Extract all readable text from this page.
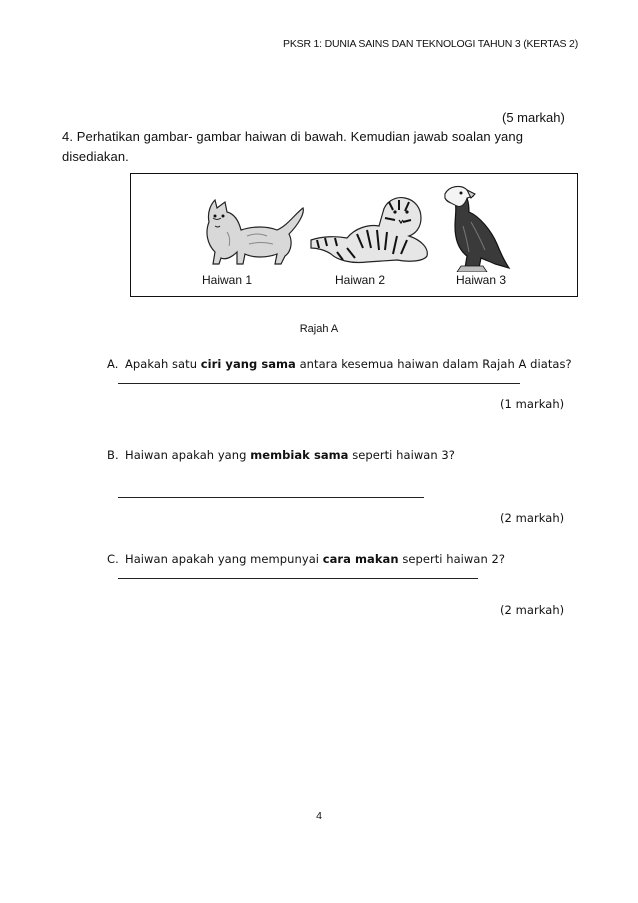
PKSR 1: DUNIA SAINS DAN TEKNOLOGI TAHUN 3 (KERTAS 2)
(5 markah)
4. Perhatikan gambar- gambar haiwan di bawah. Kemudian jawab soalan yang disediakan.
Haiwan 1	Haiwan 2	Haiwan 3
Rajah A
A. Apakah satu ciri yang sama antara kesemua haiwan dalam Rajah A diatas?
(1 markah)
B. Haiwan apakah yang membiak sama seperti haiwan 3?
(2 markah)
C. Haiwan apakah yang mempunyai cara makan seperti haiwan 2?
(2 markah)
4
